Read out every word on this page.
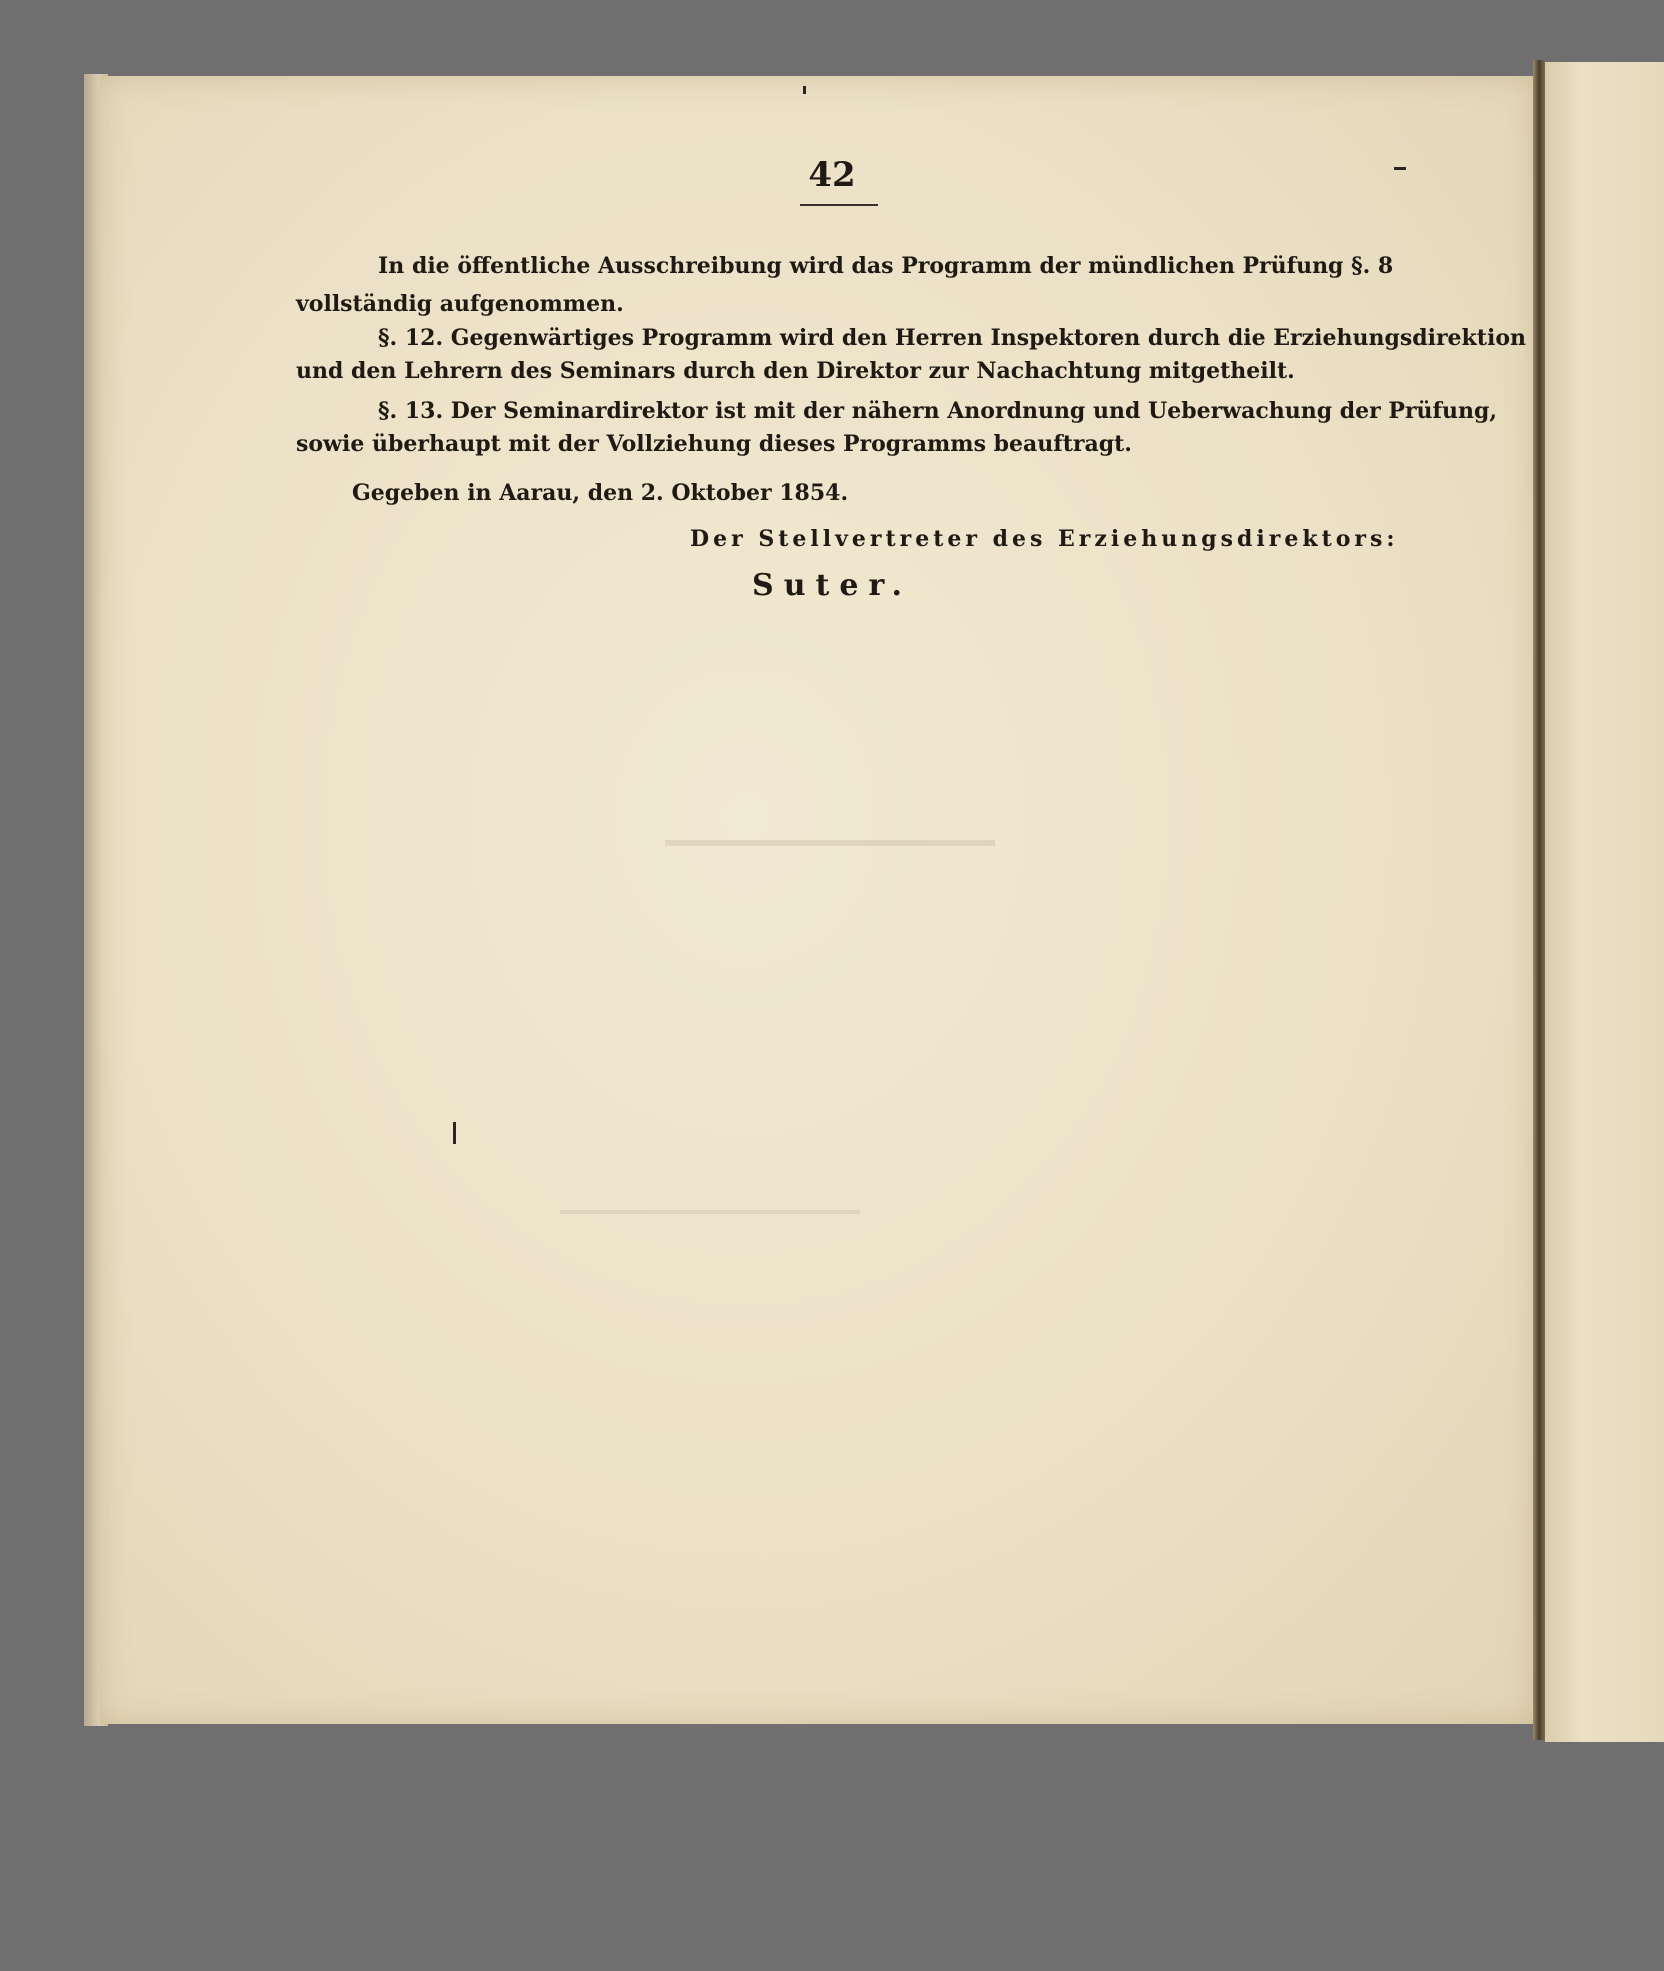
42
In die öffentliche Ausschreibung wird das Programm der mündlichen Prüfung §. 8
vollständig aufgenommen.
§. 12. Gegenwärtiges Programm wird den Herren Inspektoren durch die Erziehungsdirektion
und den Lehrern des Seminars durch den Direktor zur Nachachtung mitgetheilt.
§. 13. Der Seminardirektor ist mit der nähern Anordnung und Ueberwachung der Prüfung,
sowie überhaupt mit der Vollziehung dieses Programms beauftragt.
Gegeben in Aarau, den 2. Oktober 1854.
Der Stellvertreter des Erziehungsdirektors:
Suter.
